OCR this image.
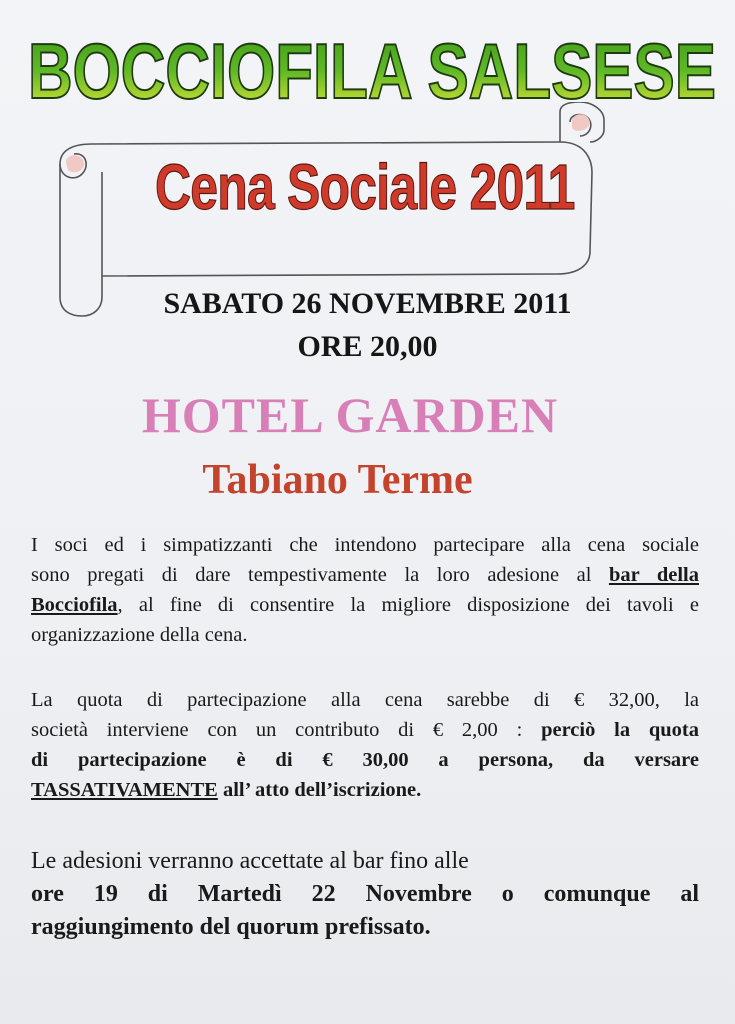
BOCCIOFILA SALSESE
Cena Sociale 2011
SABATO 26 NOVEMBRE 2011
ORE 20,00
HOTEL GARDEN
Tabiano Terme
I soci ed i simpatizzanti che intendono partecipare alla cena sociale
sono pregati di dare tempestivamente la loro adesione al bar della
Bocciofila, al fine di consentire la migliore disposizione dei tavoli e
organizzazione della cena.
La quota di partecipazione alla cena sarebbe di € 32,00, la
società interviene con un contributo di € 2,00 : perciò la quota
di partecipazione è di € 30,00 a persona, da versare
TASSATIVAMENTE all’ atto dell’iscrizione.
Le adesioni verranno accettate al bar fino alle
ore 19 di Martedì 22 Novembre o comunque al
raggiungimento del quorum prefissato.
